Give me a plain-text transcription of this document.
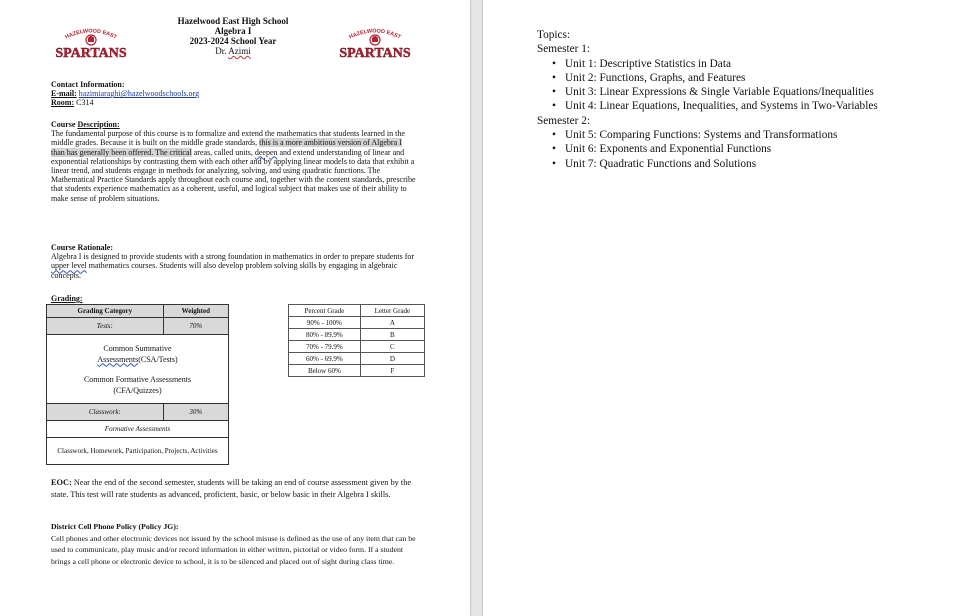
HAZELWOOD EAST
SPARTANS
HAZELWOOD EAST
SPARTANS
Hazelwood East High School
Algebra I
2023-2024 School Year
Dr. Azimi
Contact Information:
E-mail: hazimiaraghi@hazelwoodschools.org
Room: C314
Course Description:
The fundamental purpose of this course is to formalize and extend the mathematics that students learned in the middle grades. Because it is built on the middle grade standards, this is a more ambitious version of Algebra I than has generally been offered. The critical areas, called units, deepen and extend understanding of linear and exponential relationships by contrasting them with each other and by applying linear models to data that exhibit a linear trend, and students engage in methods for analyzing, solving, and using quadratic functions. The Mathematical Practice Standards apply throughout each course and, together with the content standards, prescribe that students experience mathematics as a coherent, useful, and logical subject that makes use of their ability to make sense of problem situations.
Course Rationale:
Algebra I is designed to provide students with a strong foundation in mathematics in order to prepare students for upper level mathematics courses. Students will also develop problem solving skills by engaging in algebraic concepts.
Grading:
Grading Category	Weighted
Tests:	70%

Common Summative
Assessments(CSA/Tests)
Common Formative Assessments
(CFA/Quizzes)	

Classwork:	30%
Formative Assessments	
Classwork, Homework, Participation, Projects, Activities	
Percent Grade	Letter Grade
90% - 100%	A
80% - 89.9%	B
70% - 79.9%	C
60% - 69.9%	D
Below 60%	F
EOC: Near the end of the second semester, students will be taking an end of course assessment given by the state. This test will rate students as advanced, proficient, basic, or below basic in their Algebra I skills.
District Cell Phone Policy (Policy JG):
Cell phones and other electronic devices not issued by the school misuse is defined as the use of any item that can be used to communicate, play music and/or record information in either written, pictorial or video form. If a student brings a cell phone or electronic device to school, it is to be silenced and placed out of sight during class time.
Topics:
Semester 1:
• Unit 1: Descriptive Statistics in Data
• Unit 2: Functions, Graphs, and Features
• Unit 3: Linear Expressions & Single Variable Equations/Inequalities
• Unit 4: Linear Equations, Inequalities, and Systems in Two-Variables
Semester 2:
• Unit 5: Comparing Functions: Systems and Transformations
• Unit 6: Exponents and Exponential Functions
• Unit 7: Quadratic Functions and Solutions
